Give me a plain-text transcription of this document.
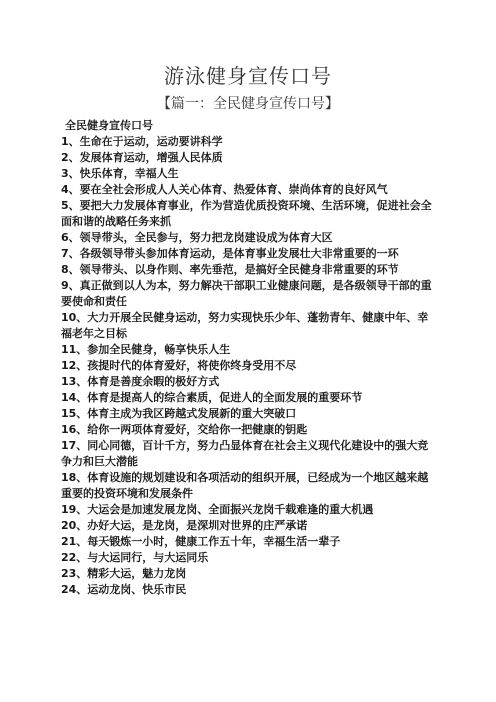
游泳健身宣传口号
【篇一：全民健身宣传口号】
全民健身宣传口号
1、生命在于运动，运动要讲科学
2、发展体育运动，增强人民体质
3、快乐体育，幸福人生
4、要在全社会形成人人关心体育、热爱体育、崇尚体育的良好风气
5、要把大力发展体育事业，作为营造优质投资环境、生活环境，促进社会全面和谐的战略任务来抓
6、领导带头，全民参与，努力把龙岗建设成为体育大区
7、各级领导带头参加体育运动，是体育事业发展壮大非常重要的一环
8、领导带头、以身作则、率先垂范，是搞好全民健身非常重要的环节
9、真正做到以人为本，努力解决干部职工业健康问题，是各级领导干部的重要使命和责任
10、大力开展全民健身运动，努力实现快乐少年、蓬勃青年、健康中年、幸福老年之目标
11、参加全民健身，畅享快乐人生
12、孩提时代的体育爱好，将使你终身受用不尽
13、体育是善度余暇的极好方式
14、体育是提高人的综合素质，促进人的全面发展的重要环节
15、体育主成为我区跨越式发展新的重大突破口
16、给你一两项体育爱好，交给你一把健康的钥匙
17、同心同德，百计千方，努力凸显体育在社会主义现代化建设中的强大竞争力和巨大潜能
18、体育设施的规划建设和各项活动的组织开展，已经成为一个地区越来越重要的投资环境和发展条件
19、大运会是加速发展龙岗、全面振兴龙岗千载难逢的重大机遇
20、办好大运，是龙岗，是深圳对世界的庄严承诺
21、每天锻炼一小时，健康工作五十年，幸福生活一辈子
22、与大运同行，与大运同乐
23、精彩大运，魅力龙岗
24、运动龙岗、快乐市民
